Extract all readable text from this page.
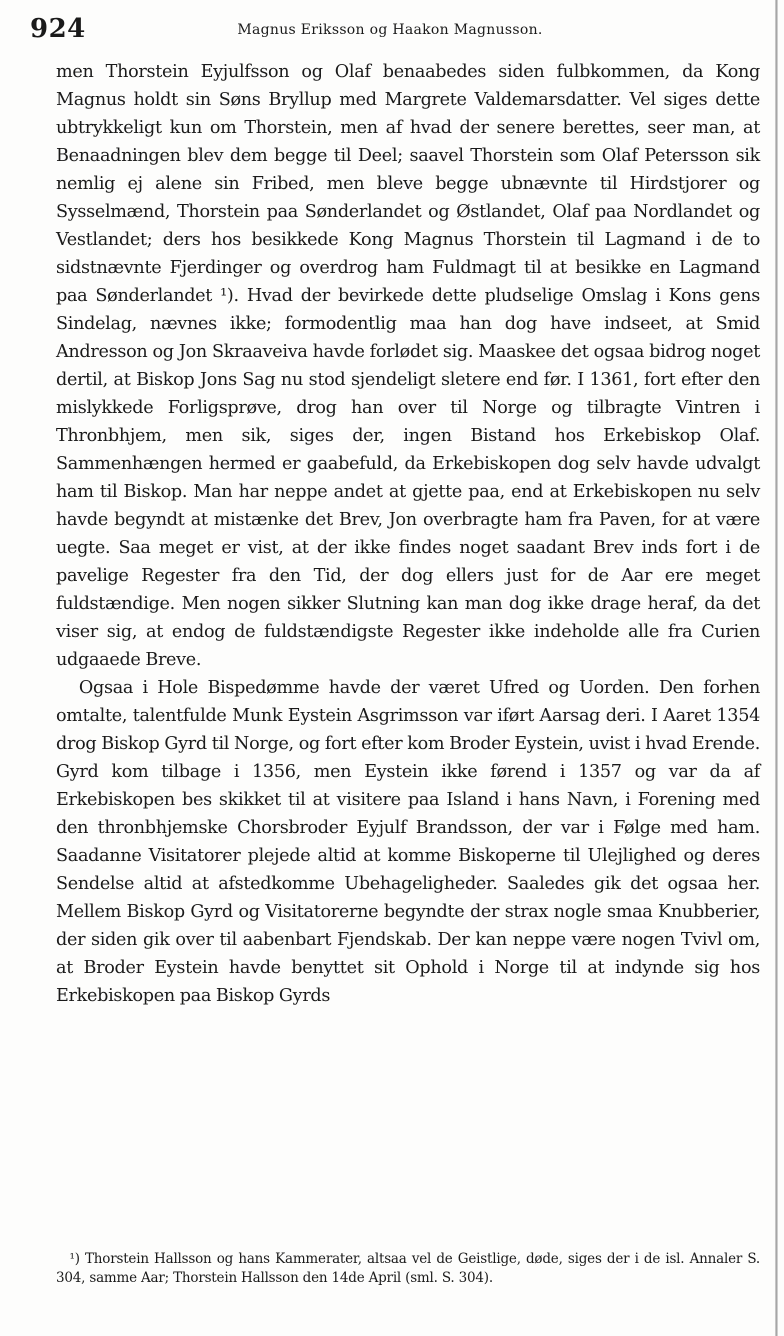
924	Magnus Eriksson og Haakon Magnusson.

men Thorstein Eyjulfsson og Olaf benaabedes siden fulbkommen, da Kong Magnus holdt sin Søns Bryllup med Margrete Valdemarsdatter. Vel siges dette ubtrykkeligt kun om Thorstein, men af hvad der senere berettes, seer man, at Benaadningen blev dem begge til Deel; saavel Thorstein som Olaf Petersson sik nemlig ej alene sin Fribed, men bleve begge ubnævnte til Hirdstjorer og Sysselmænd, Thorstein paa Sønderlandet og Østlandet, Olaf paa Nordlandet og Vestlandet; ders hos besikkede Kong Magnus Thorstein til Lagmand i de to sidstnævnte Fjerdinger og overdrog ham Fuldmagt til at besikke en Lagmand paa Sønderlandet ¹). Hvad der bevirkede dette pludselige Omslag i Kons gens Sindelag, nævnes ikke; formodentlig maa han dog have indseet, at Smid Andresson og Jon Skraaveiva havde forlødet sig. Maaskee det ogsaa bidrog noget dertil, at Biskop Jons Sag nu stod sjendeligt sletere end før. I 1361, fort efter den mislykkede Forligsprøve, drog han over til Norge og tilbragte Vintren i Thronbhjem, men sik, siges der, ingen Bistand hos Erkebiskop Olaf. Sammenhængen hermed er gaabefuld, da Erkebiskopen dog selv havde udvalgt ham til Biskop. Man har neppe andet at gjette paa, end at Erkebiskopen nu selv havde begyndt at mistænke det Brev, Jon overbragte ham fra Paven, for at være uegte. Saa meget er vist, at der ikke findes noget saadant Brev inds fort i de pavelige Regester fra den Tid, der dog ellers just for de Aar ere meget fuldstændige. Men nogen sikker Slutning kan man dog ikke drage heraf, da det viser sig, at endog de fuldstændigste Regester ikke indeholde alle fra Curien udgaaede Breve.

Ogsaa i Hole Bispedømme havde der været Ufred og Uorden. Den forhen omtalte, talentfulde Munk Eystein Asgrimsson var iført Aarsag deri. I Aaret 1354 drog Biskop Gyrd til Norge, og fort efter kom Broder Eystein, uvist i hvad Erende. Gyrd kom tilbage i 1356, men Eystein ikke førend i 1357 og var da af Erkebiskopen bes skikket til at visitere paa Island i hans Navn, i Forening med den thronbhjemske Chorsbroder Eyjulf Brandsson, der var i Følge med ham. Saadanne Visitatorer plejede altid at komme Biskoperne til Ulejlighed og deres Sendelse altid at afstedkomme Ubehageligheder. Saaledes gik det ogsaa her. Mellem Biskop Gyrd og Visitatorerne begyndte der strax nogle smaa Knubberier, der siden gik over til aabenbart Fjendskab. Der kan neppe være nogen Tvivl om, at Broder Eystein havde benyttet sit Ophold i Norge til at indynde sig hos Erkebiskopen paa Biskop Gyrds

¹) Thorstein Hallsson og hans Kammerater, altsaa vel de Geistlige, døde, siges der i de isl. Annaler S. 304, samme Aar; Thorstein Hallsson den 14de April (sml. S. 304).
